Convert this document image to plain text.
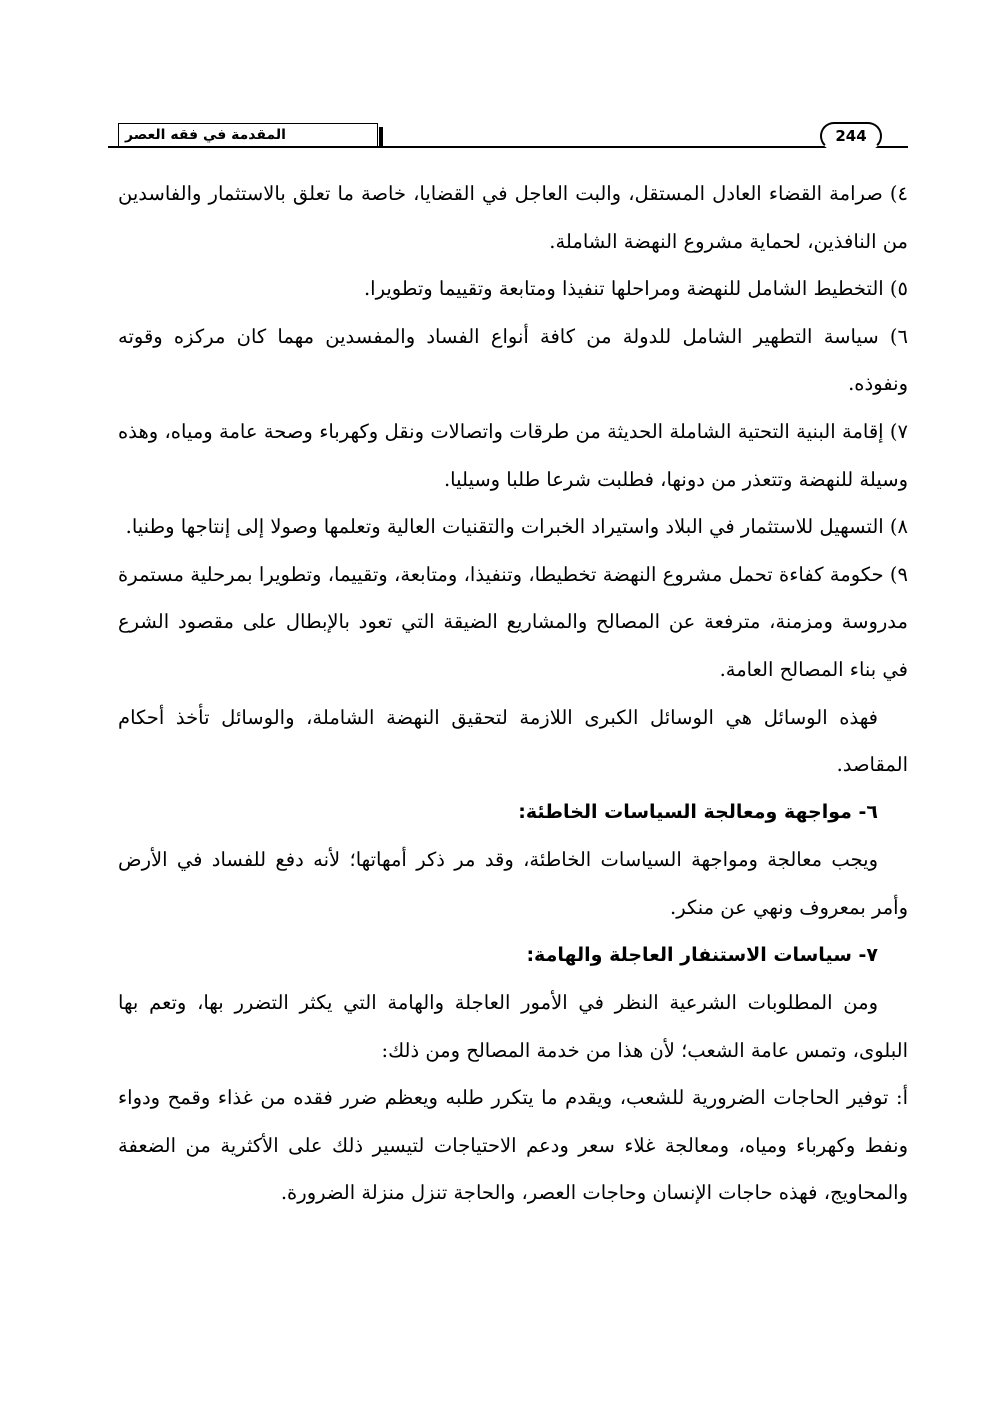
المقدمة في فقه العصر	244

٤) صرامة القضاء العادل المستقل، والبت العاجل في القضايا، خاصة ما تعلق بالاستثمار والفاسدين من النافذين، لحماية مشروع النهضة الشاملة.

٥) التخطيط الشامل للنهضة ومراحلها تنفيذا ومتابعة وتقييما وتطويرا.

٦) سياسة التطهير الشامل للدولة من كافة أنواع الفساد والمفسدين مهما كان مركزه وقوته ونفوذه.

٧) إقامة البنية التحتية الشاملة الحديثة من طرقات واتصالات ونقل وكهرباء وصحة عامة ومياه، وهذه وسيلة للنهضة وتتعذر من دونها، فطلبت شرعا طلبا وسيليا.

٨) التسهيل للاستثمار في البلاد واستيراد الخبرات والتقنيات العالية وتعلمها وصولا إلى إنتاجها وطنيا.

٩) حكومة كفاءة تحمل مشروع النهضة تخطيطا، وتنفيذا، ومتابعة، وتقييما، وتطويرا بمرحلية مستمرة مدروسة ومزمنة، مترفعة عن المصالح والمشاريع الضيقة التي تعود بالإبطال على مقصود الشرع في بناء المصالح العامة.

فهذه الوسائل هي الوسائل الكبرى اللازمة لتحقيق النهضة الشاملة، والوسائل تأخذ أحكام المقاصد.

٦- مواجهة ومعالجة السياسات الخاطئة:

ويجب معالجة ومواجهة السياسات الخاطئة، وقد مر ذكر أمهاتها؛ لأنه دفع للفساد في الأرض وأمر بمعروف ونهي عن منكر.

٧- سياسات الاستنفار العاجلة والهامة:

ومن المطلوبات الشرعية النظر في الأمور العاجلة والهامة التي يكثر التضرر بها، وتعم بها البلوى، وتمس عامة الشعب؛ لأن هذا من خدمة المصالح ومن ذلك:

أ: توفير الحاجات الضرورية للشعب، ويقدم ما يتكرر طلبه ويعظم ضرر فقده من غذاء وقمح ودواء ونفط وكهرباء ومياه، ومعالجة غلاء سعر ودعم الاحتياجات لتيسير ذلك على الأكثرية من الضعفة والمحاويج، فهذه حاجات الإنسان وحاجات العصر، والحاجة تنزل منزلة الضرورة.
